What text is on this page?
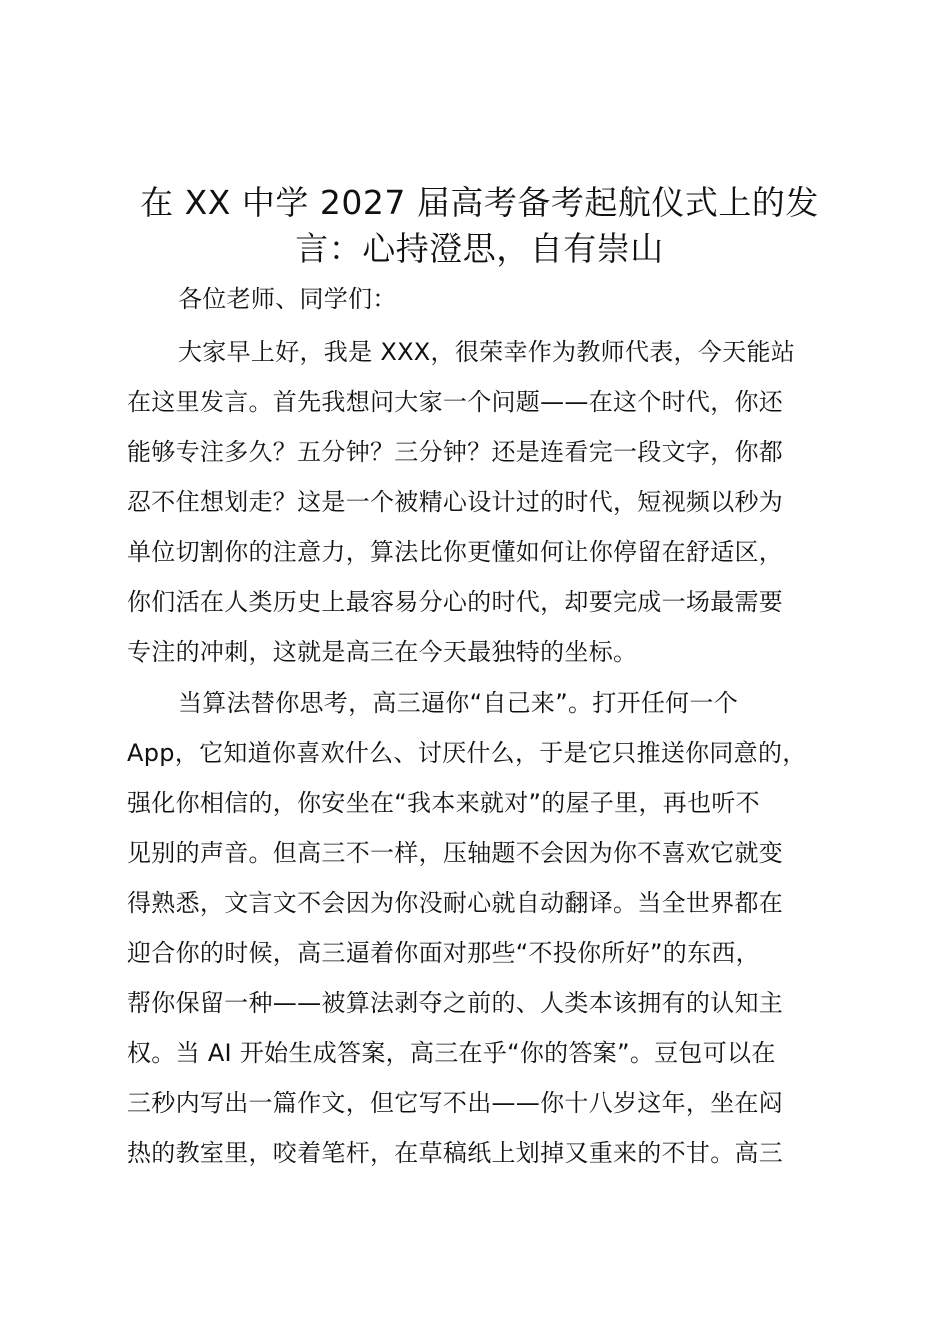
在 XX 中学 2027 届高考备考起航仪式上的发
言：心持澄思，自有崇山

各位老师、同学们：

大家早上好，我是 XXX，很荣幸作为教师代表，今天能站
在这里发言。首先我想问大家一个问题——在这个时代，你还
能够专注多久？五分钟？三分钟？还是连看完一段文字，你都
忍不住想划走？这是一个被精心设计过的时代，短视频以秒为
单位切割你的注意力，算法比你更懂如何让你停留在舒适区，
你们活在人类历史上最容易分心的时代，却要完成一场最需要
专注的冲刺，这就是高三在今天最独特的坐标。

当算法替你思考，高三逼你“自己来”。打开任何一个
App，它知道你喜欢什么、讨厌什么，于是它只推送你同意的，
强化你相信的，你安坐在“我本来就对”的屋子里，再也听不
见别的声音。但高三不一样，压轴题不会因为你不喜欢它就变
得熟悉，文言文不会因为你没耐心就自动翻译。当全世界都在
迎合你的时候，高三逼着你面对那些“不投你所好”的东西，
帮你保留一种——被算法剥夺之前的、人类本该拥有的认知主
权。当 AI 开始生成答案，高三在乎“你的答案”。豆包可以在
三秒内写出一篇作文，但它写不出——你十八岁这年，坐在闷
热的教室里，咬着笔杆，在草稿纸上划掉又重来的不甘。高三
